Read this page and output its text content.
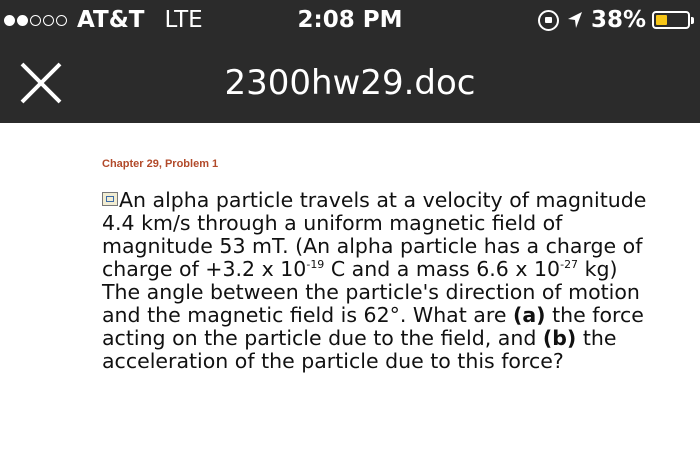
AT&T LTE	2:08 PM	38%
2300hw29.doc
Chapter 29, Problem 1
An alpha particle travels at a velocity of magnitude 4.4 km/s through a uniform magnetic field of magnitude 53 mT. (An alpha particle has a charge of charge of +3.2 x $10^{-19}$ C and a mass 6.6 x $10^{-27}$ kg) The angle between the particle's direction of motion and the magnetic field is 62°. What are (a) the force acting on the particle due to the field, and (b) the acceleration of the particle due to this force?
